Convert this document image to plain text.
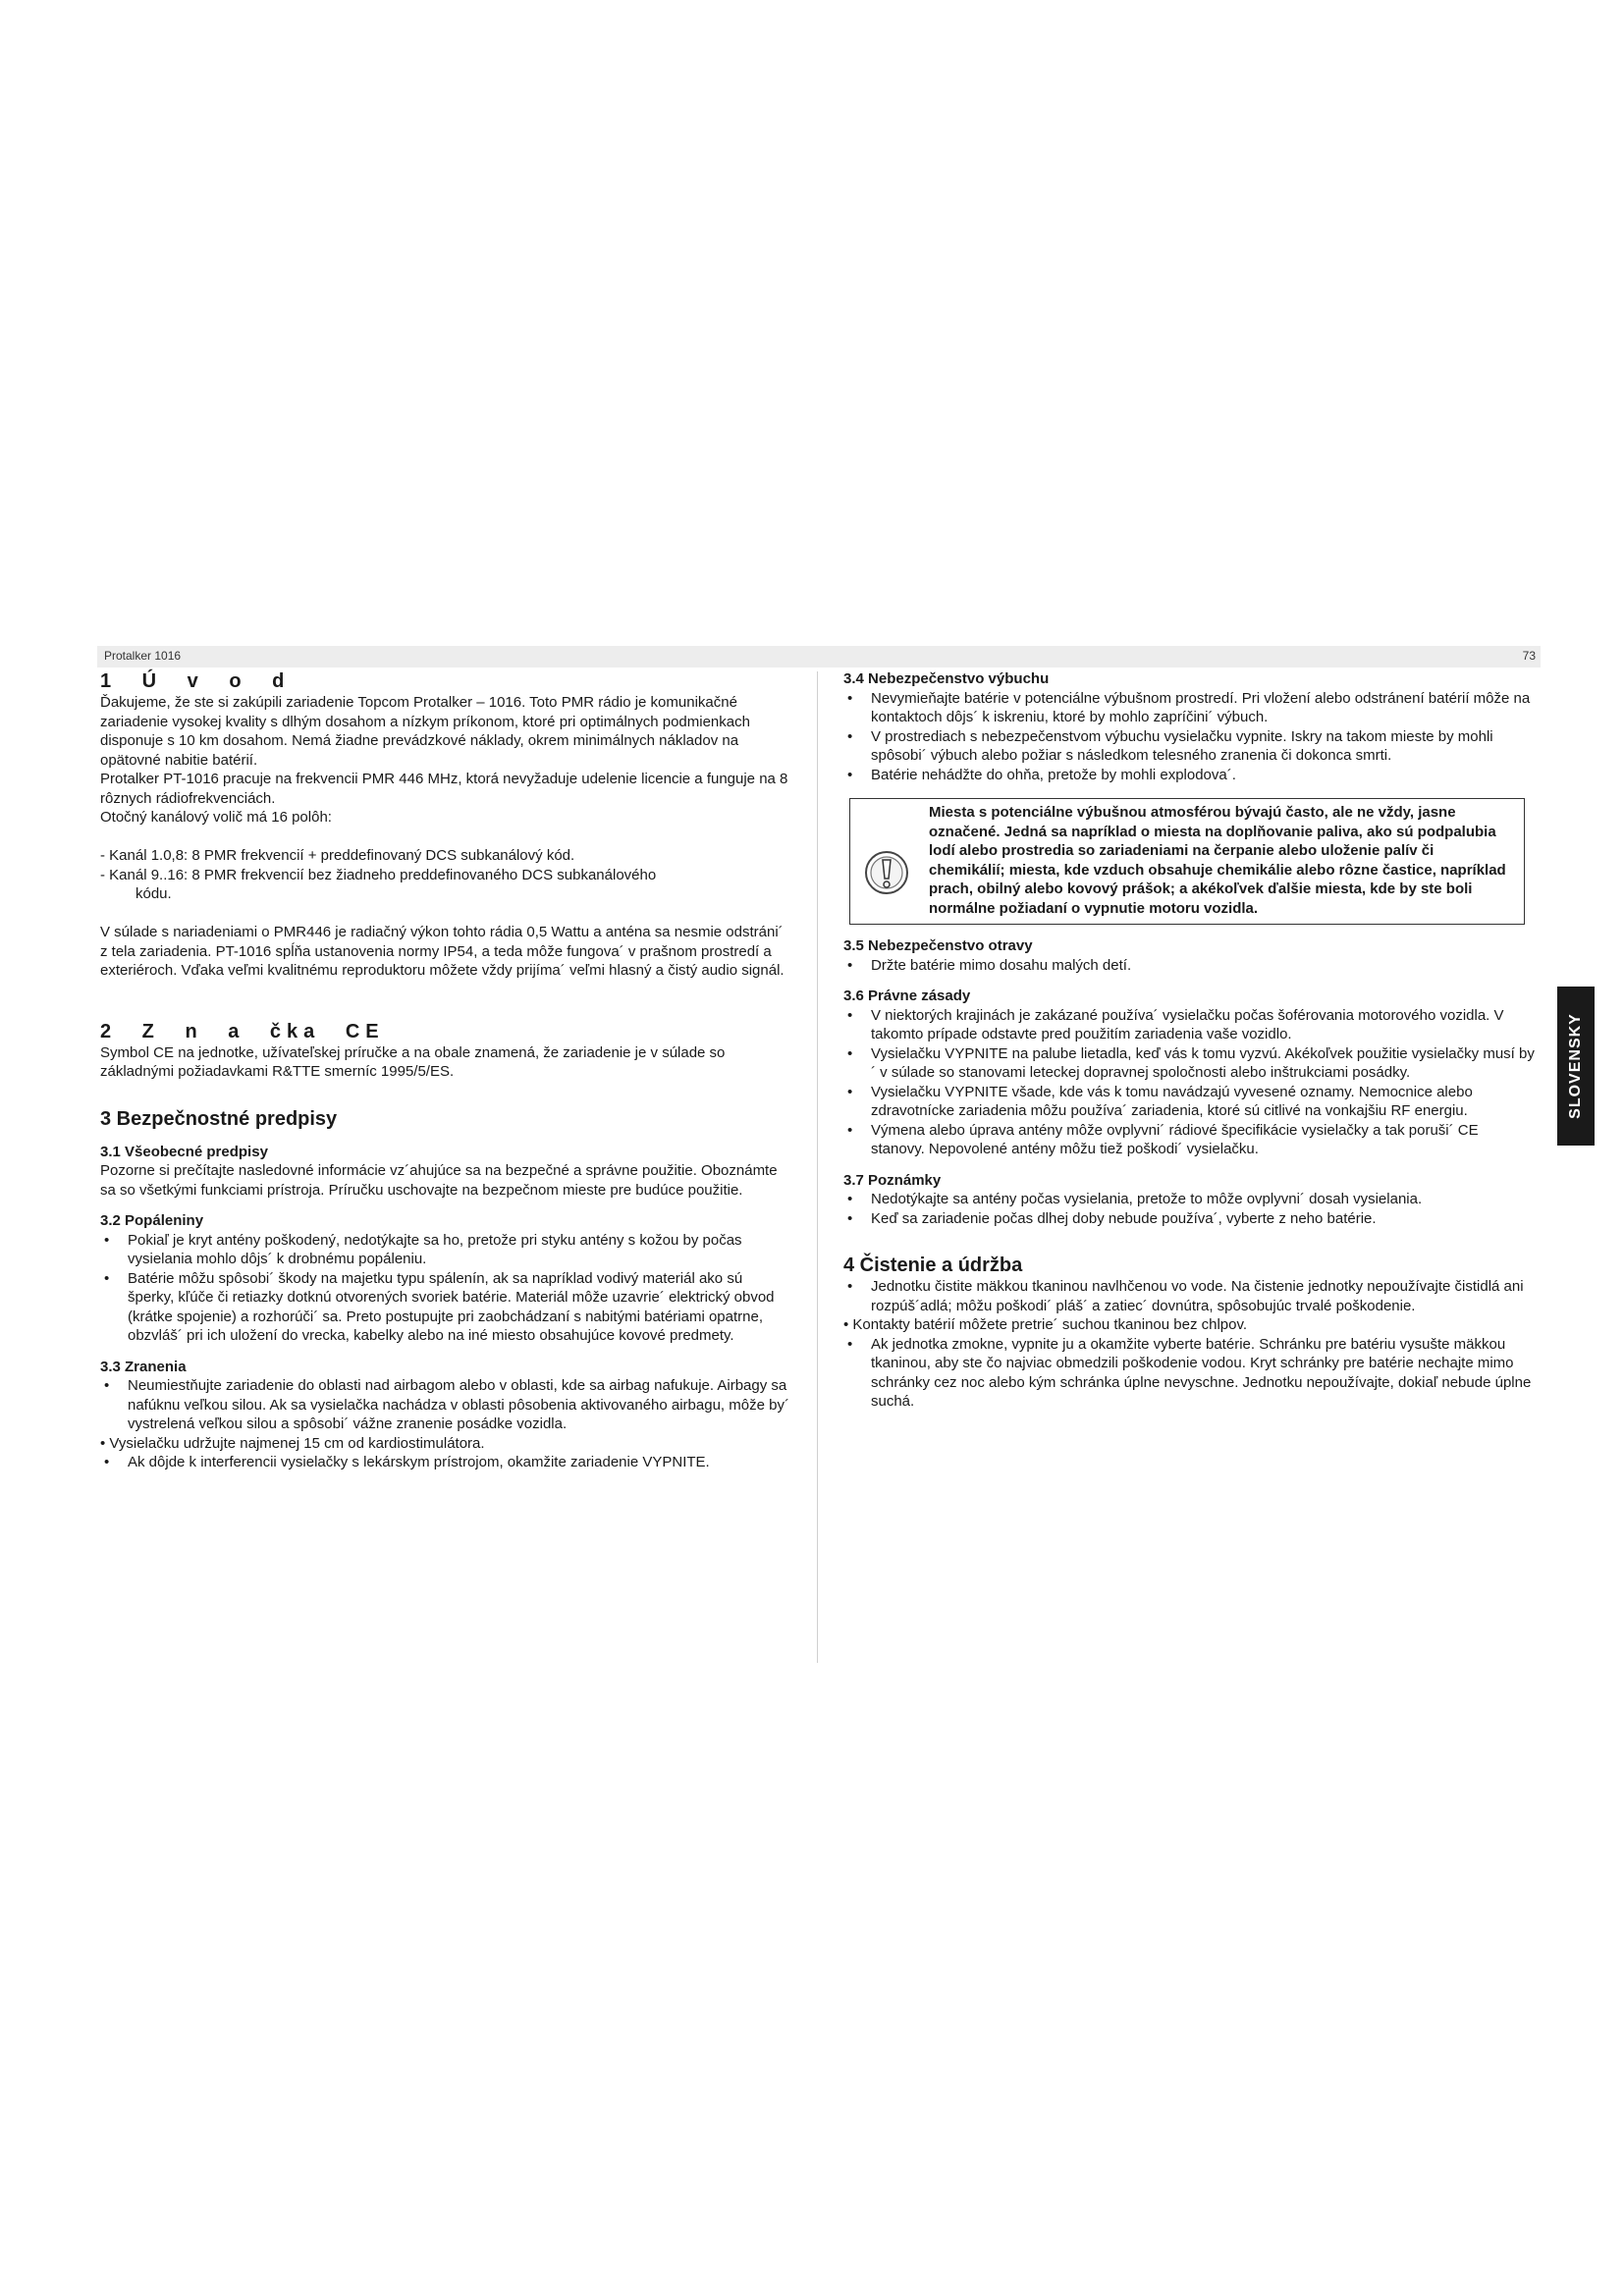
Protalker 1016	73
1 Ú v o d

Ďakujeme, že ste si zakúpili zariadenie Topcom Protalker – 1016. Toto PMR rádio je komunikačné zariadenie vysokej kvality s dlhým dosahom a nízkym príkonom, ktoré pri optimálnych podmienkach disponuje s 10 km dosahom. Nemá žiadne prevádzkové náklady, okrem minimálnych nákladov na opätovné nabitie batérií.

Protalker PT-1016 pracuje na frekvencii PMR 446 MHz, ktorá nevyžaduje udelenie licencie a funguje na 8 rôznych rádiofrekvenciách.

Otočný kanálový volič má 16 polôh:

- Kanál 1.0,8: 8 PMR frekvencií + preddefinovaný DCS subkanálový kód.

- Kanál 9..16: 8 PMR frekvencií bez žiadneho preddefinovaného DCS subkanálového

kódu.

V súlade s nariadeniami o PMR446 je radiačný výkon tohto rádia 0,5 Wattu a anténa sa nesmie odstráni´ z tela zariadenia. PT-1016 spĺňa ustanovenia normy IP54, a teda môže fungova´ v prašnom prostredí a exteriéroch. Vďaka veľmi kvalitnému reproduktoru môžete vždy prijíma´ veľmi hlasný a čistý audio signál.

2 Z n a čka CE

Symbol CE na jednotke, užívateľskej príručke a na obale znamená, že zariadenie je v súlade so základnými požiadavkami R&TTE smerníc 1995/5/ES.

3 Bezpečnostné predpisy
3.1 Všeobecné predpisy

Pozorne si prečítajte nasledovné informácie vz´ahujúce sa na bezpečné a správne použitie. Oboznámte sa so všetkými funkciami prístroja. Príručku uschovajte na bezpečnom mieste pre budúce použitie.

3.2 Popáleniny
• Pokiaľ je kryt antény poškodený, nedotýkajte sa ho, pretože pri styku antény s kožou by počas vysielania mohlo dôjs´ k drobnému popáleniu.
• Batérie môžu spôsobi´ škody na majetku typu spálenín, ak sa napríklad vodivý materiál ako sú šperky, kľúče či retiazky dotknú otvorených svoriek batérie. Materiál môže uzavrie´ elektrický obvod (krátke spojenie) a rozhorúči´ sa. Preto postupujte pri zaobchádzaní s nabitými batériami opatrne, obzvláš´ pri ich uložení do vrecka, kabelky alebo na iné miesto obsahujúce kovové predmety.
3.3 Zranenia
• Neumiestňujte zariadenie do oblasti nad airbagom alebo v oblasti, kde sa airbag nafukuje. Airbagy sa nafúknu veľkou silou. Ak sa vysielačka nachádza v oblasti pôsobenia aktivovaného airbagu, môže by´ vystrelená veľkou silou a spôsobi´ vážne zranenie posádke vozidla.

• Vysielačku udržujte najmenej 15 cm od kardiostimulátora.

• Ak dôjde k interferencii vysielačky s lekárskym prístrojom, okamžite zariadenie VYPNITE.
3.4 Nebezpečenstvo výbuchu
• Nevymieňajte batérie v potenciálne výbušnom prostredí. Pri vložení alebo odstránení batérií môže na kontaktoch dôjs´ k iskreniu, ktoré by mohlo zapríčini´ výbuch.
• V prostrediach s nebezpečenstvom výbuchu vysielačku vypnite. Iskry na takom mieste by mohli spôsobi´ výbuch alebo požiar s následkom telesného zranenia či dokonca smrti.
• Batérie nehádžte do ohňa, pretože by mohli explodova´.
Miesta s potenciálne výbušnou atmosférou bývajú často, ale ne vždy, jasne označené. Jedná sa napríklad o miesta na doplňovanie paliva, ako sú podpalubia lodí alebo prostredia so zariadeniami na čerpanie alebo uloženie palív či chemikálií; miesta, kde vzduch obsahuje chemikálie alebo rôzne častice, napríklad prach, obilný alebo kovový prášok; a akékoľvek ďalšie miesta, kde by ste boli normálne požiadaní o vypnutie motoru vozidla.
3.5 Nebezpečenstvo otravy
• Držte batérie mimo dosahu malých detí.
3.6 Právne zásady
• V niektorých krajinách je zakázané používa´ vysielačku počas šoférovania motorového vozidla. V takomto prípade odstavte pred použitím zariadenia vaše vozidlo.
• Vysielačku VYPNITE na palube lietadla, keď vás k tomu vyzvú. Akékoľvek použitie vysielačky musí by´ v súlade so stanovami leteckej dopravnej spoločnosti alebo inštrukciami posádky.
• Vysielačku VYPNITE všade, kde vás k tomu navádzajú vyvesené oznamy. Nemocnice alebo zdravotnícke zariadenia môžu používa´ zariadenia, ktoré sú citlivé na vonkajšiu RF energiu.
• Výmena alebo úprava antény môže ovplyvni´ rádiové špecifikácie vysielačky a tak poruši´ CE stanovy. Nepovolené antény môžu tiež poškodi´ vysielačku.
3.7 Poznámky
• Nedotýkajte sa antény počas vysielania, pretože to môže ovplyvni´ dosah vysielania.
• Keď sa zariadenie počas dlhej doby nebude používa´, vyberte z neho batérie.
4 Čistenie a údržba
• Jednotku čistite mäkkou tkaninou navlhčenou vo vode. Na čistenie jednotky nepoužívajte čistidlá ani rozpúš´adlá; môžu poškodi´ pláš´ a zatiec´ dovnútra, spôsobujúc trvalé poškodenie.

• Kontakty batérií môžete pretrie´ suchou tkaninou bez chlpov.

• Ak jednotka zmokne, vypnite ju a okamžite vyberte batérie. Schránku pre batériu vysušte mäkkou tkaninou, aby ste čo najviac obmedzili poškodenie vodou. Kryt schránky pre batérie nechajte mimo schránky cez noc alebo kým schránka úplne nevyschne. Jednotku nepoužívajte, dokiaľ nebude úplne suchá.
SLOVENSKY
